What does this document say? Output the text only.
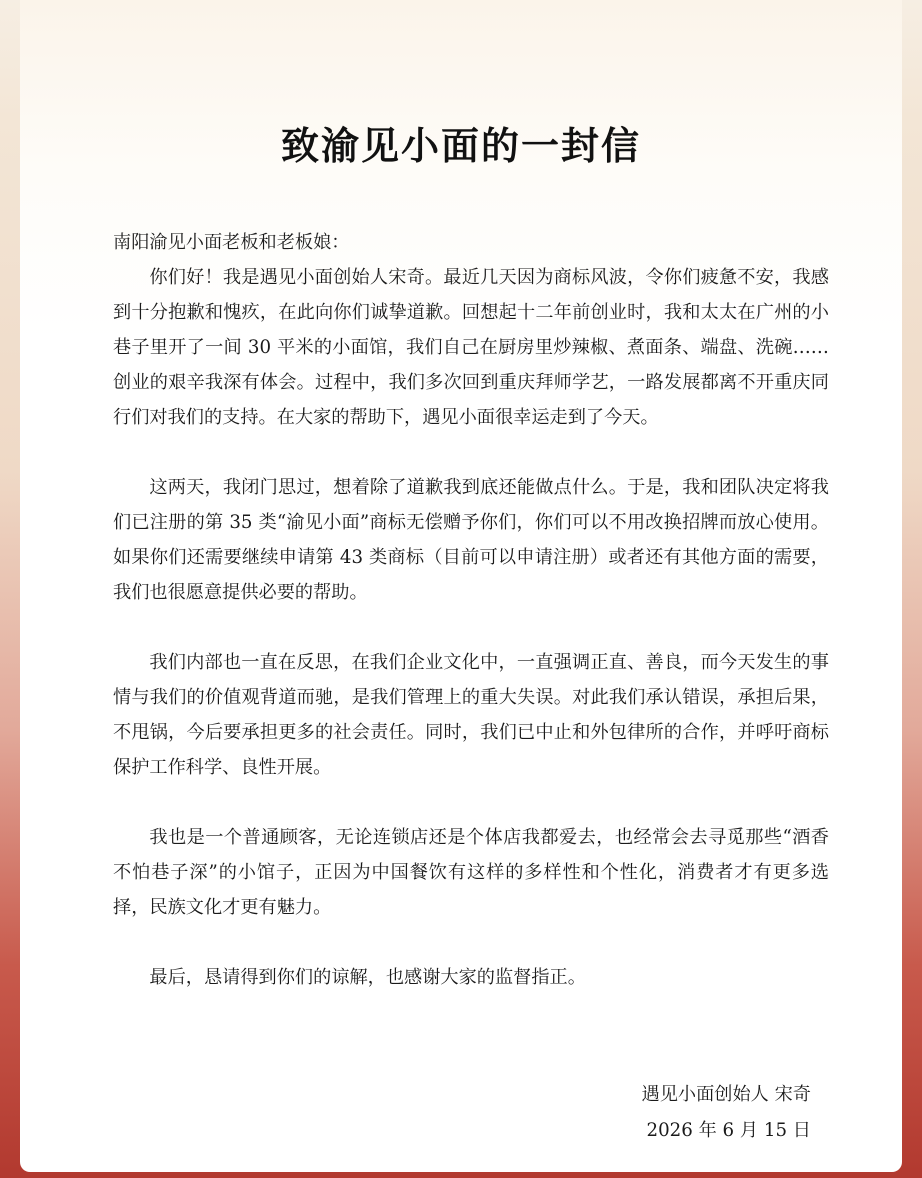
致渝见小面的一封信

南阳渝见小面老板和老板娘：

你们好！我是遇见小面创始人宋奇。最近几天因为商标风波，令你们疲惫不安，我感到十分抱歉和愧疚，在此向你们诚挚道歉。回想起十二年前创业时，我和太太在广州的小巷子里开了一间 30 平米的小面馆，我们自己在厨房里炒辣椒、煮面条、端盘、洗碗……创业的艰辛我深有体会。过程中，我们多次回到重庆拜师学艺，一路发展都离不开重庆同行们对我们的支持。在大家的帮助下，遇见小面很幸运走到了今天。

这两天，我闭门思过，想着除了道歉我到底还能做点什么。于是，我和团队决定将我们已注册的第 35 类“渝见小面”商标无偿赠予你们，你们可以不用改换招牌而放心使用。如果你们还需要继续申请第 43 类商标（目前可以申请注册）或者还有其他方面的需要，我们也很愿意提供必要的帮助。

我们内部也一直在反思，在我们企业文化中，一直强调正直、善良，而今天发生的事情与我们的价值观背道而驰，是我们管理上的重大失误。对此我们承认错误，承担后果，不甩锅，今后要承担更多的社会责任。同时，我们已中止和外包律所的合作，并呼吁商标保护工作科学、良性开展。

我也是一个普通顾客，无论连锁店还是个体店我都爱去，也经常会去寻觅那些“酒香不怕巷子深”的小馆子，正因为中国餐饮有这样的多样性和个性化，消费者才有更多选择，民族文化才更有魅力。

最后，恳请得到你们的谅解，也感谢大家的监督指正。

遇见小面创始人 宋奇
2026 年 6 月 15 日
